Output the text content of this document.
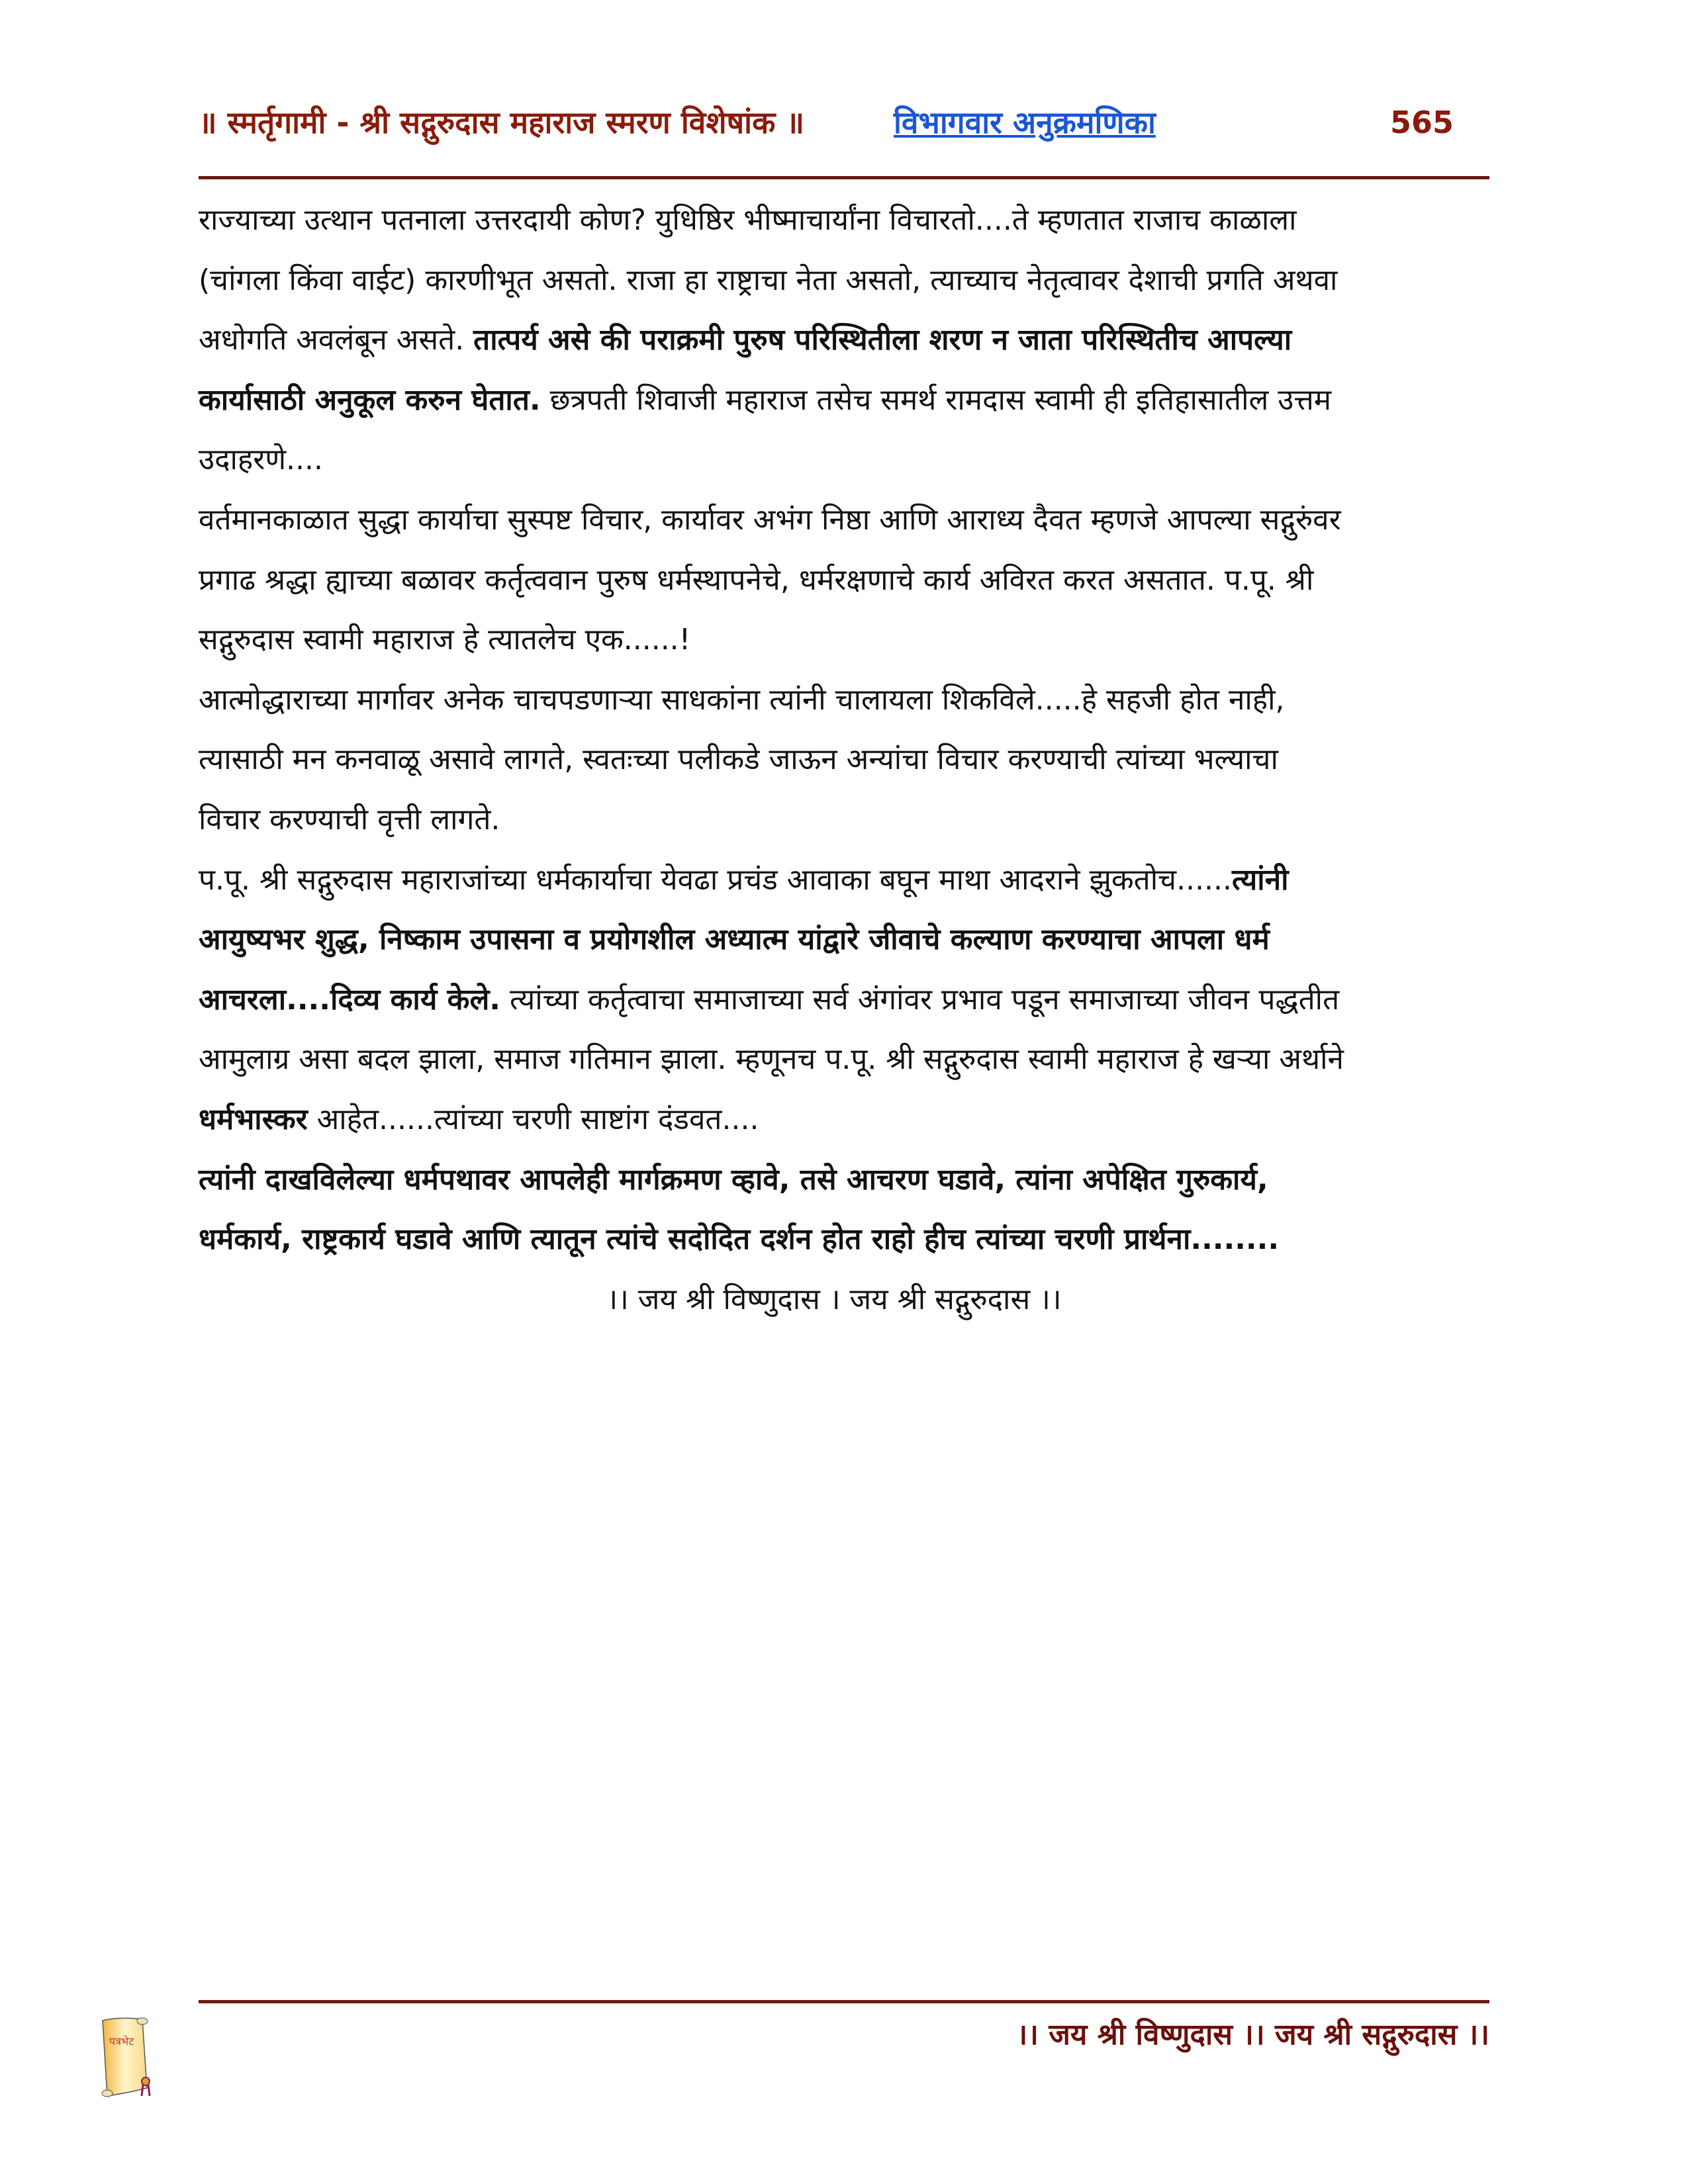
॥ स्मर्तृगामी - श्री सद्गुरुदास महाराज स्मरण विशेषांक ॥	विभागवार अनुक्रमणिका	565
राज्याच्या उत्थान पतनाला उत्तरदायी कोण? युधिष्ठिर भीष्माचार्यांना विचारतो....ते म्हणतात राजाच काळाला
(चांगला किंवा वाईट) कारणीभूत असतो. राजा हा राष्ट्राचा नेता असतो, त्याच्याच नेतृत्वावर देशाची प्रगति अथवा
अधोगति अवलंबून असते. तात्पर्य असे की पराक्रमी पुरुष परिस्थितीला शरण न जाता परिस्थितीच आपल्या
कार्यासाठी अनुकूल करुन घेतात. छत्रपती शिवाजी महाराज तसेच समर्थ रामदास स्वामी ही इतिहासातील उत्तम
उदाहरणे....
वर्तमानकाळात सुद्धा कार्याचा सुस्पष्ट विचार, कार्यावर अभंग निष्ठा आणि आराध्य दैवत म्हणजे आपल्या सद्गुरुंवर
प्रगाढ श्रद्धा ह्याच्या बळावर कर्तृत्ववान पुरुष धर्मस्थापनेचे, धर्मरक्षणाचे कार्य अविरत करत असतात. प.पू. श्री
सद्गुरुदास स्वामी महाराज हे त्यातलेच एक......!
आत्मोद्धाराच्या मार्गावर अनेक चाचपडणाऱ्या साधकांना त्यांनी चालायला शिकविले.....हे सहजी होत नाही,
त्यासाठी मन कनवाळू असावे लागते, स्वतःच्या पलीकडे जाऊन अन्यांचा विचार करण्याची त्यांच्या भल्याचा
विचार करण्याची वृत्ती लागते.
प.पू. श्री सद्गुरुदास महाराजांच्या धर्मकार्याचा येवढा प्रचंड आवाका बघून माथा आदराने झुकतोच......त्यांनी
आयुष्यभर शुद्ध, निष्काम उपासना व प्रयोगशील अध्यात्म यांद्वारे जीवाचे कल्याण करण्याचा आपला धर्म
आचरला....दिव्य कार्य केले. त्यांच्या कर्तृत्वाचा समाजाच्या सर्व अंगांवर प्रभाव पडून समाजाच्या जीवन पद्धतीत
आमुलाग्र असा बदल झाला, समाज गतिमान झाला. म्हणूनच प.पू. श्री सद्गुरुदास स्वामी महाराज हे खऱ्या अर्थाने
धर्मभास्कर आहेत......त्यांच्या चरणी साष्टांग दंडवत....
त्यांनी दाखविलेल्या धर्मपथावर आपलेही मार्गक्रमण व्हावे, तसे आचरण घडावे, त्यांना अपेक्षित गुरुकार्य,
धर्मकार्य, राष्ट्रकार्य घडावे आणि त्यातून त्यांचे सदोदित दर्शन होत राहो हीच त्यांच्या चरणी प्रार्थना........
।। जय श्री विष्णुदास । जय श्री सद्गुरुदास ।।
पत्रभेट	।। जय श्री विष्णुदास ।। जय श्री सद्गुरुदास ।।
